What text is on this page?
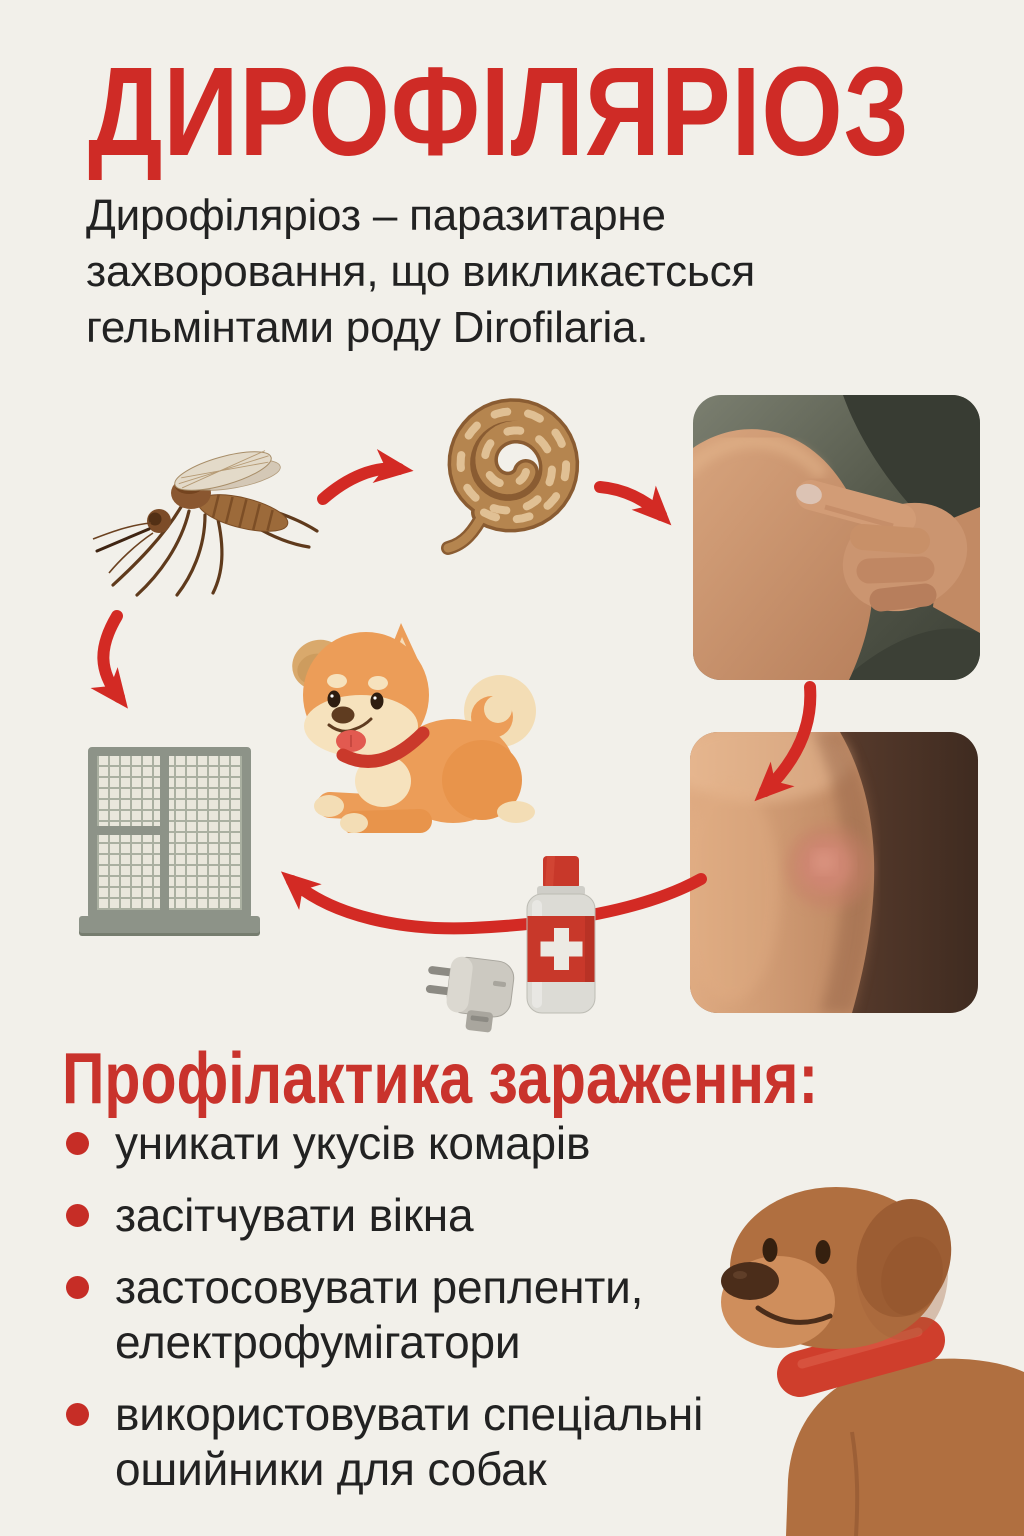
ДИРОФІЛЯРІОЗ
Дирофіляріоз – паразитарне
захворовання, що викликаєтсься
гельмінтами роду Dirofilaria.
Профілактика зараження:
уникати укусів комарів
засітчувати вікна
застосовувати репленти, електрофумігатори
використовувати спеціальні ошийники для собак
